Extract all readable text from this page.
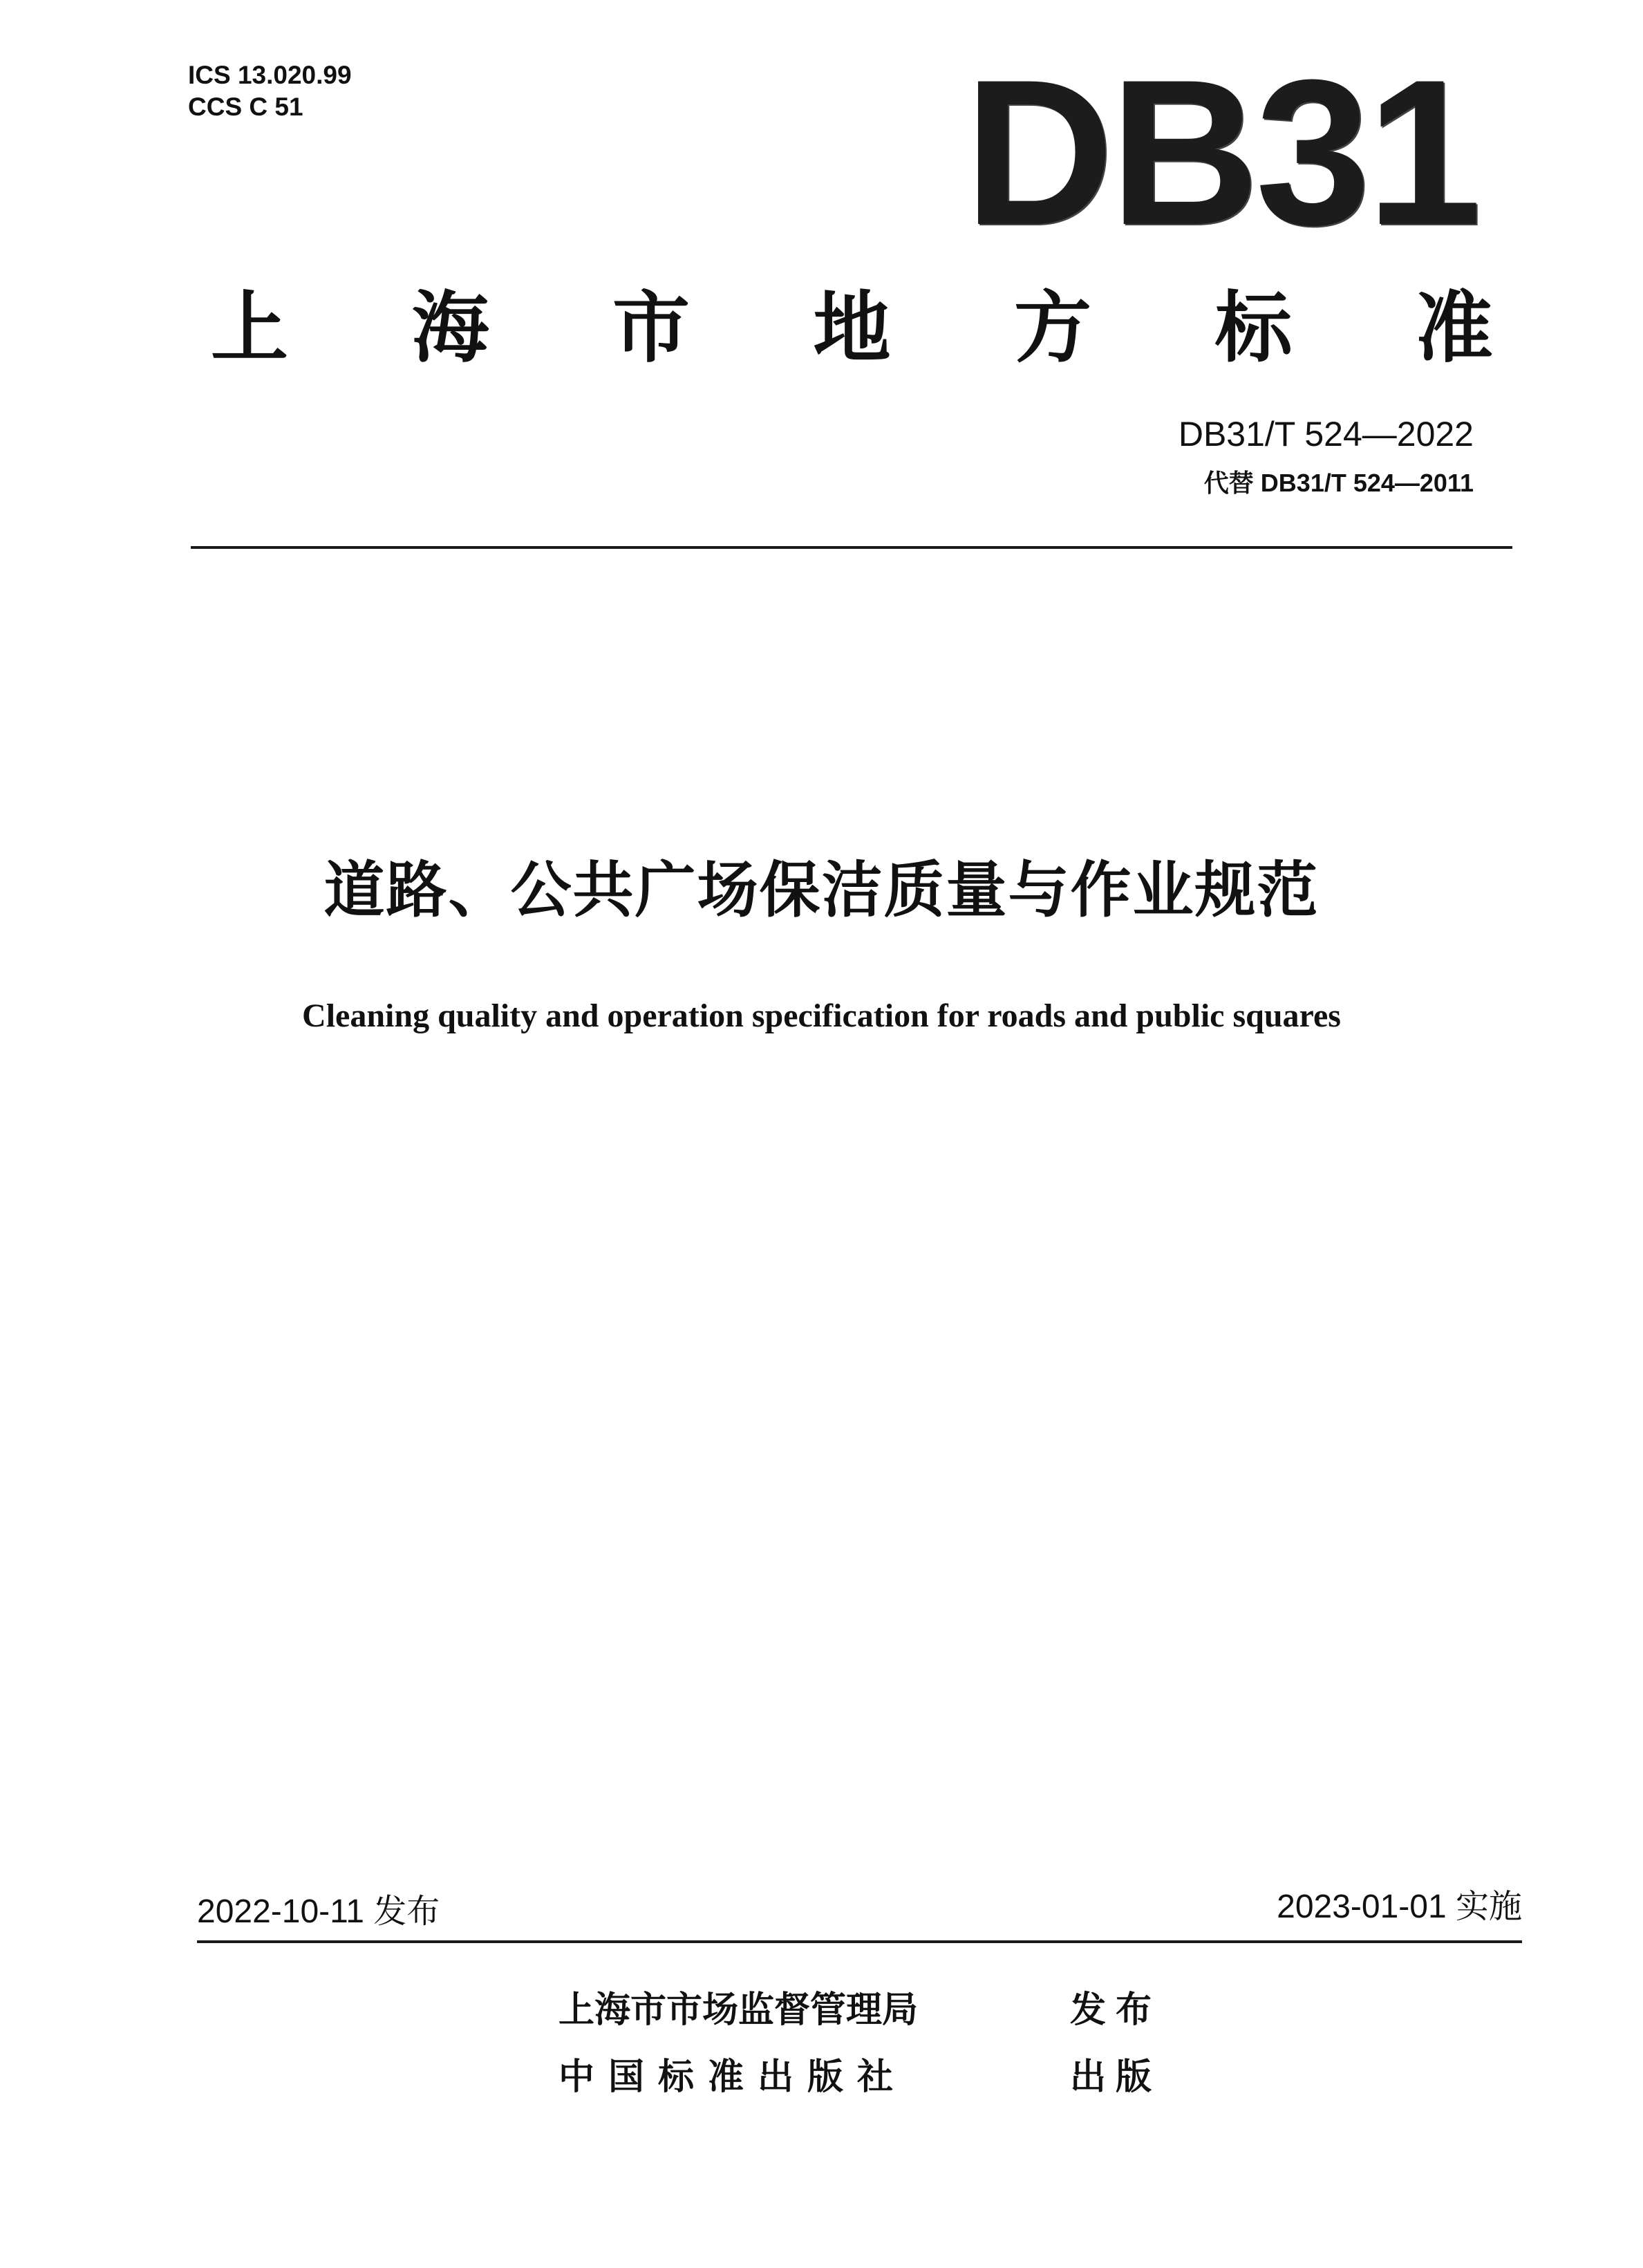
ICS 13.020.99
CCS C 51	DB31
上 海 市 地 方 标 准
DB31/T 524—2022
代替 DB31/T 524—2011
道路、公共广场保洁质量与作业规范
Cleaning quality and operation specification for roads and public squares
2022-10-11 发布	2023-01-01 实施
上海市市场监督管理局	发布
中国标准出版社	出版
